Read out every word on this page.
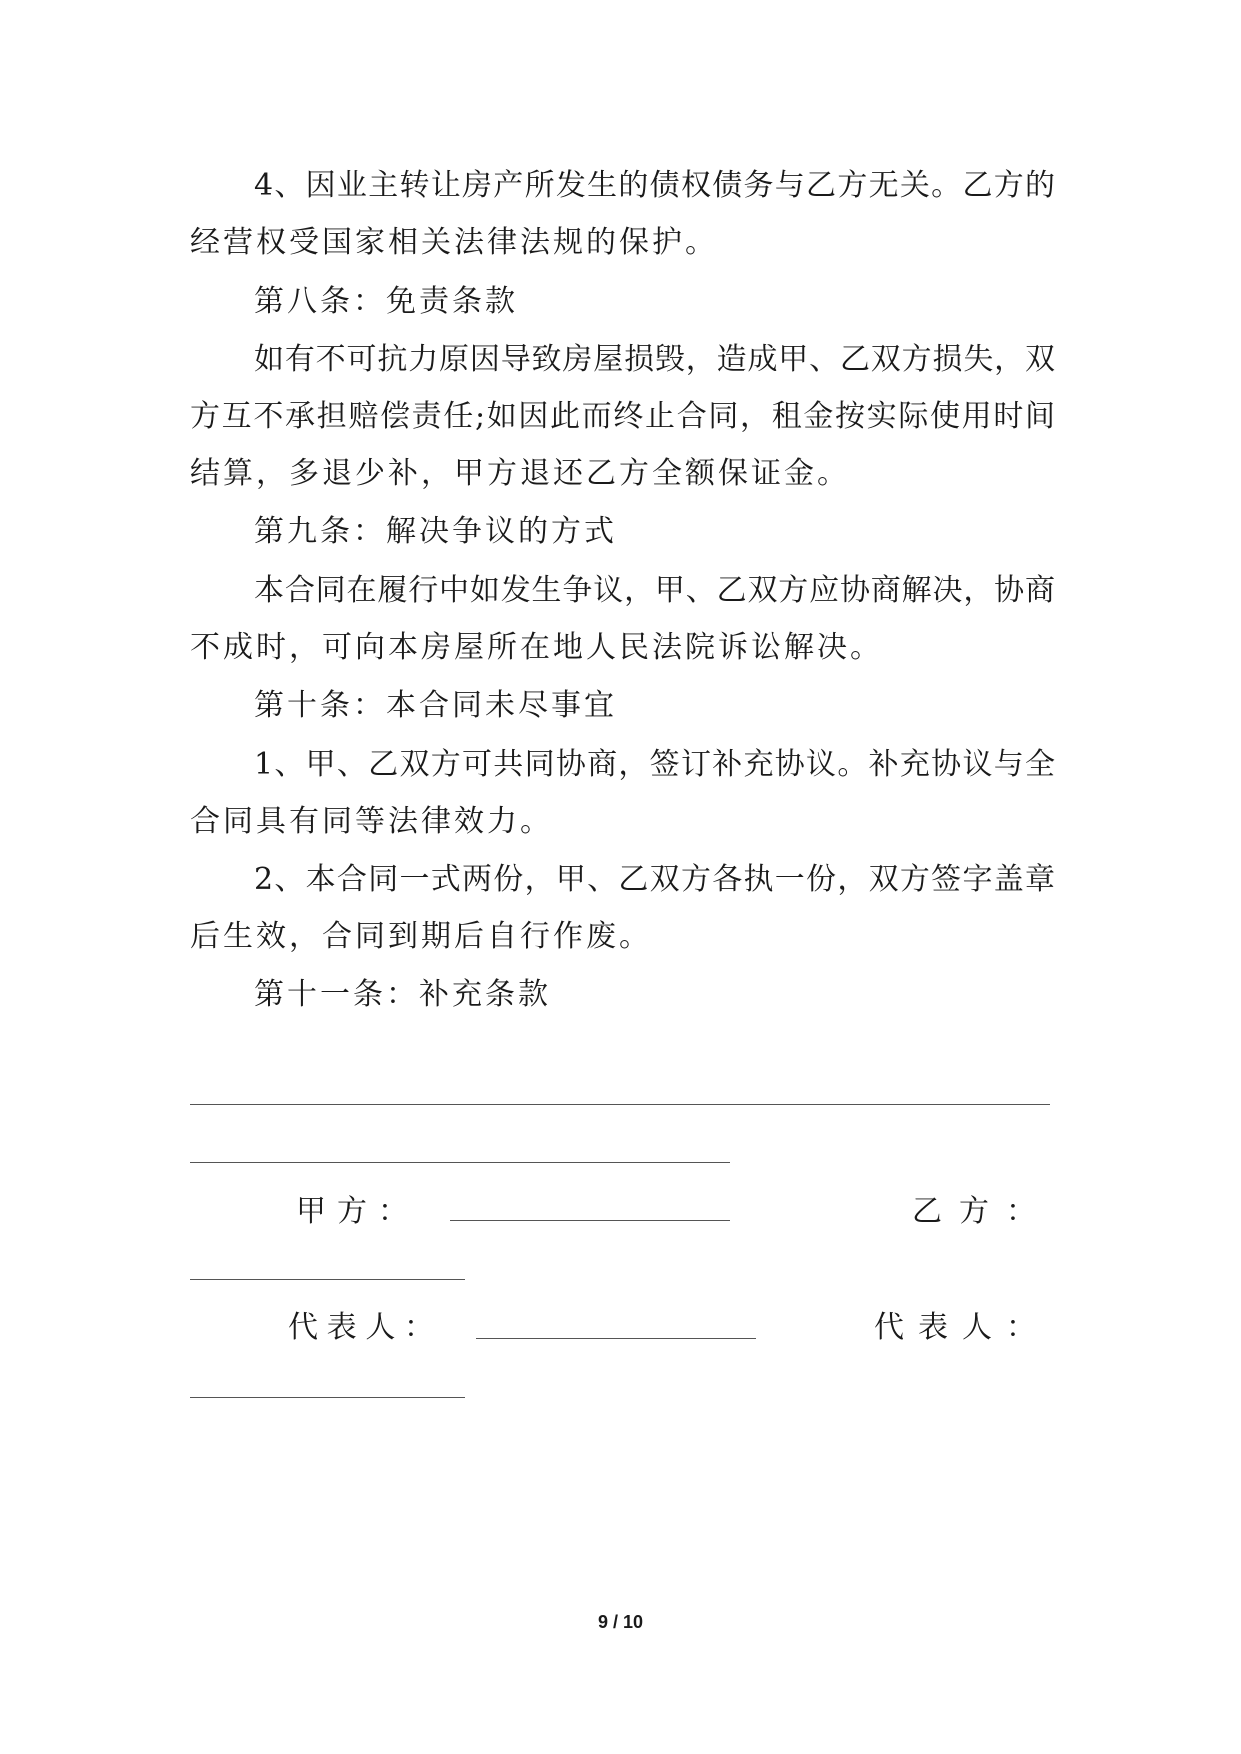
4、因业主转让房产所发生的债权债务与乙方无关。乙方的
经营权受国家相关法律法规的保护。
第八条：免责条款
如有不可抗力原因导致房屋损毁，造成甲、乙双方损失，双
方互不承担赔偿责任;如因此而终止合同，租金按实际使用时间
结算，多退少补，甲方退还乙方全额保证金。
第九条：解决争议的方式
本合同在履行中如发生争议，甲、乙双方应协商解决，协商
不成时，可向本房屋所在地人民法院诉讼解决。
第十条：本合同未尽事宜
1、甲、乙双方可共同协商，签订补充协议。补充协议与全
合同具有同等法律效力。
2、本合同一式两份，甲、乙双方各执一份，双方签字盖章
后生效，合同到期后自行作废。
第十一条：补充条款
甲 方 ：	乙 方 ：
代 表 人 ：	代 表 人 ：
9 / 10
